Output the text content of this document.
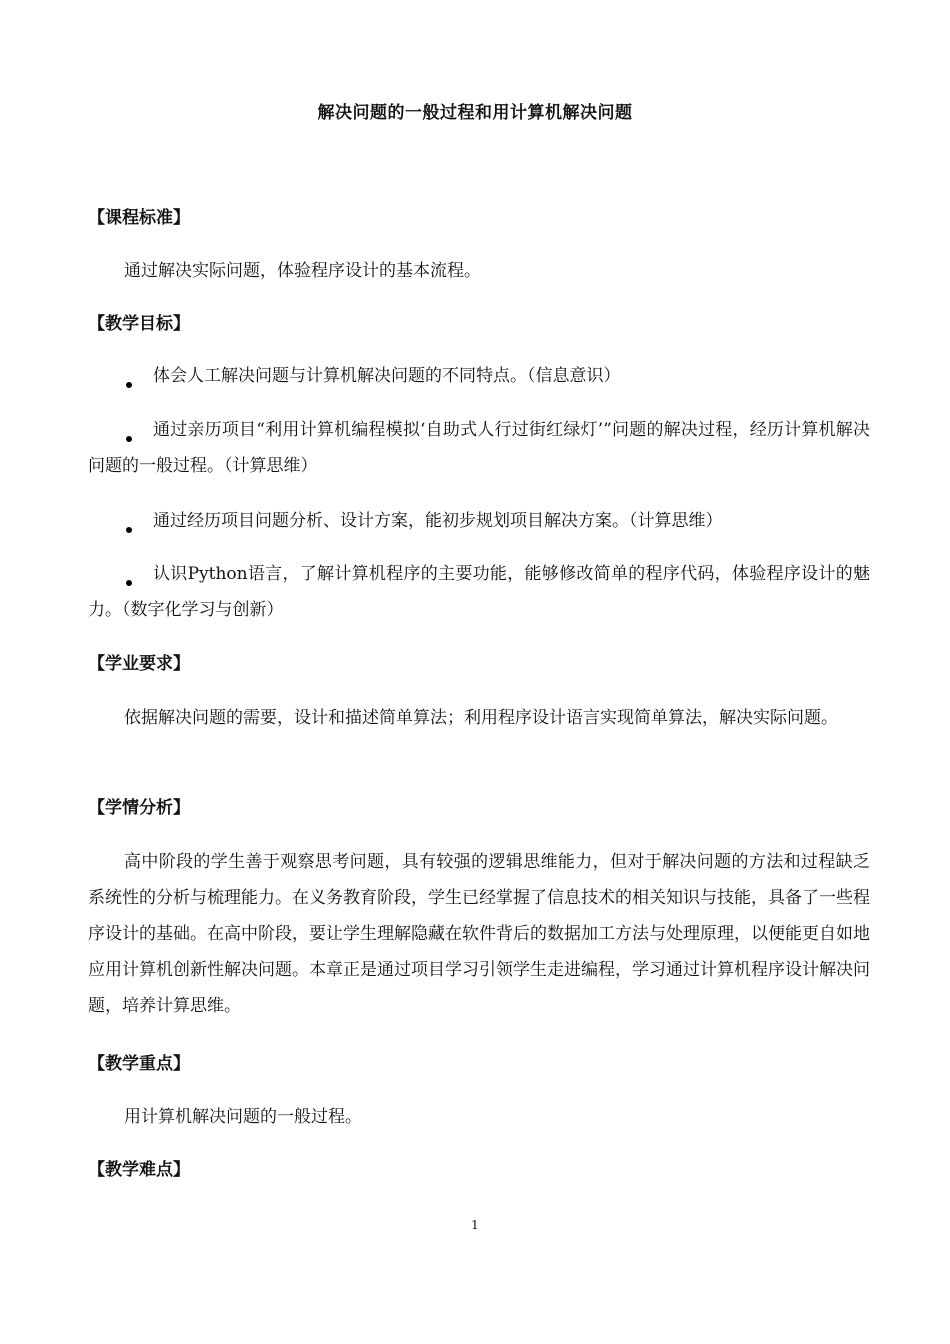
解决问题的一般过程和用计算机解决问题
【课程标准】
通过解决实际问题，体验程序设计的基本流程。
【教学目标】
体会人工解决问题与计算机解决问题的不同特点。（信息意识）
通过亲历项目“利用计算机编程模拟‘自助式人行过街红绿灯’”问题的解决过程，经历计算机解决问题的一般过程。（计算思维）
通过经历项目问题分析、设计方案，能初步规划项目解决方案。（计算思维）
认识Python语言，了解计算机程序的主要功能，能够修改简单的程序代码，体验程序设计的魅力。（数字化学习与创新）
【学业要求】
依据解决问题的需要，设计和描述简单算法；利用程序设计语言实现简单算法，解决实际问题。
【学情分析】
高中阶段的学生善于观察思考问题，具有较强的逻辑思维能力，但对于解决问题的方法和过程缺乏系统性的分析与梳理能力。在义务教育阶段，学生已经掌握了信息技术的相关知识与技能，具备了一些程序设计的基础。在高中阶段，要让学生理解隐藏在软件背后的数据加工方法与处理原理，以便能更自如地应用计算机创新性解决问题。本章正是通过项目学习引领学生走进编程，学习通过计算机程序设计解决问题，培养计算思维。
【教学重点】
用计算机解决问题的一般过程。
【教学难点】
1
